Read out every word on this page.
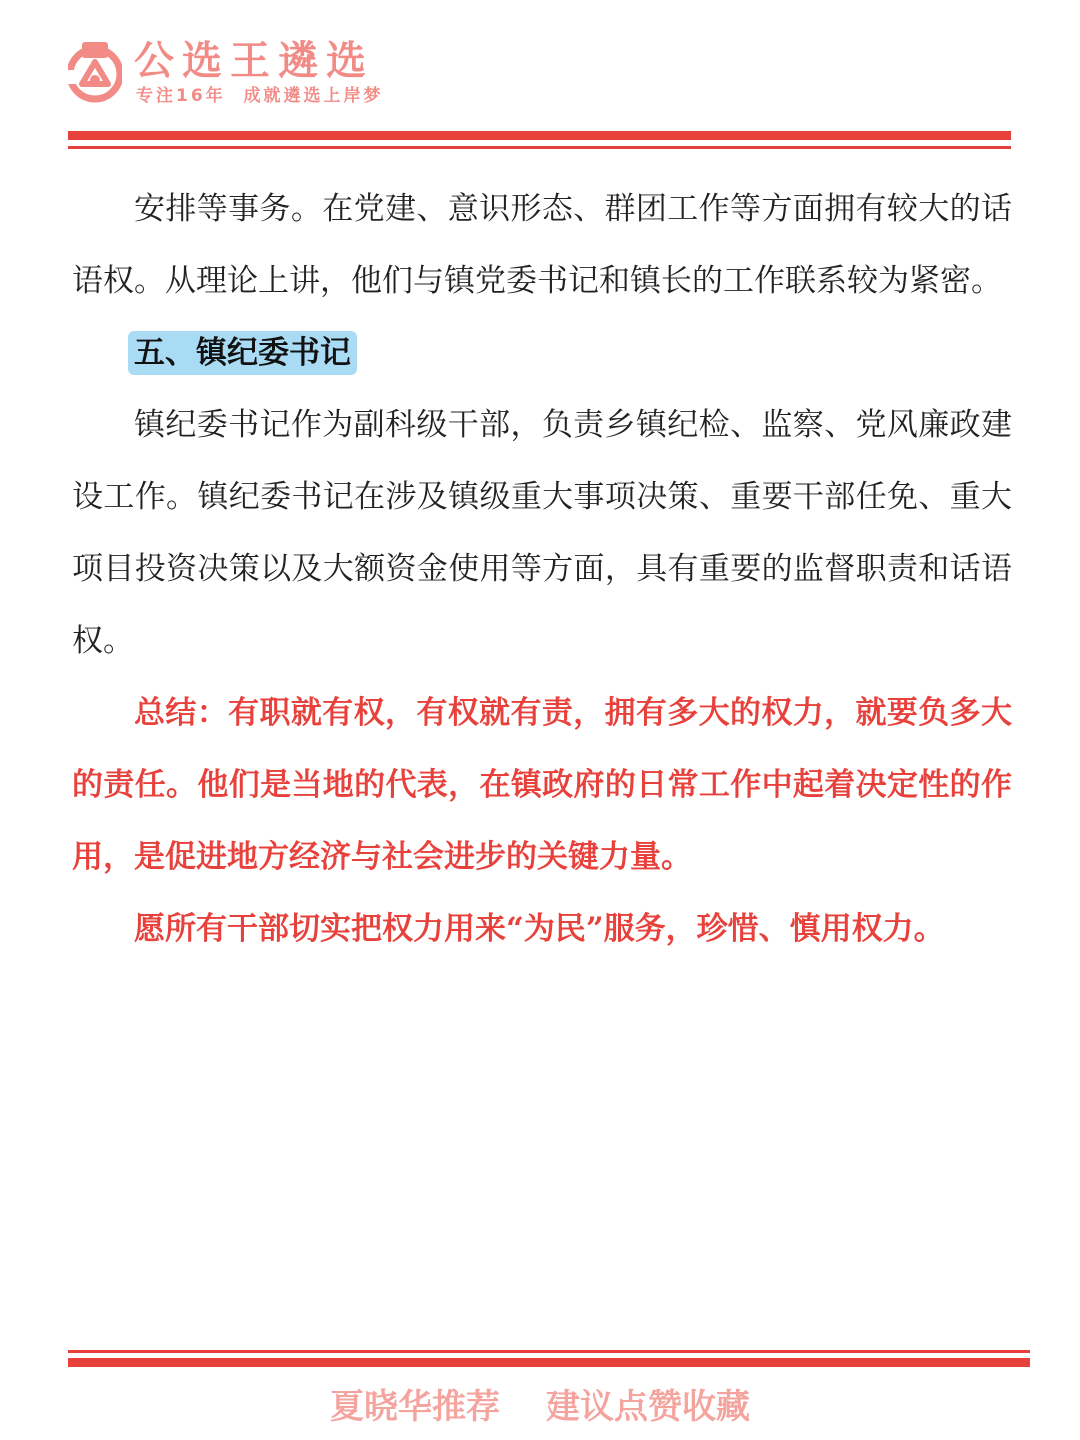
公选王遴选
专注16年  成就遴选上岸梦

安排等事务。在党建、意识形态、群团工作等方面拥有较大的话语权。从理论上讲，他们与镇党委书记和镇长的工作联系较为紧密。

五、镇纪委书记

镇纪委书记作为副科级干部，负责乡镇纪检、监察、党风廉政建设工作。镇纪委书记在涉及镇级重大事项决策、重要干部任免、重大项目投资决策以及大额资金使用等方面，具有重要的监督职责和话语权。

总结：有职就有权，有权就有责，拥有多大的权力，就要负多大的责任。他们是当地的代表，在镇政府的日常工作中起着决定性的作用，是促进地方经济与社会进步的关键力量。

愿所有干部切实把权力用来“为民”服务，珍惜、慎用权力。

夏晓华推荐 建议点赞收藏
